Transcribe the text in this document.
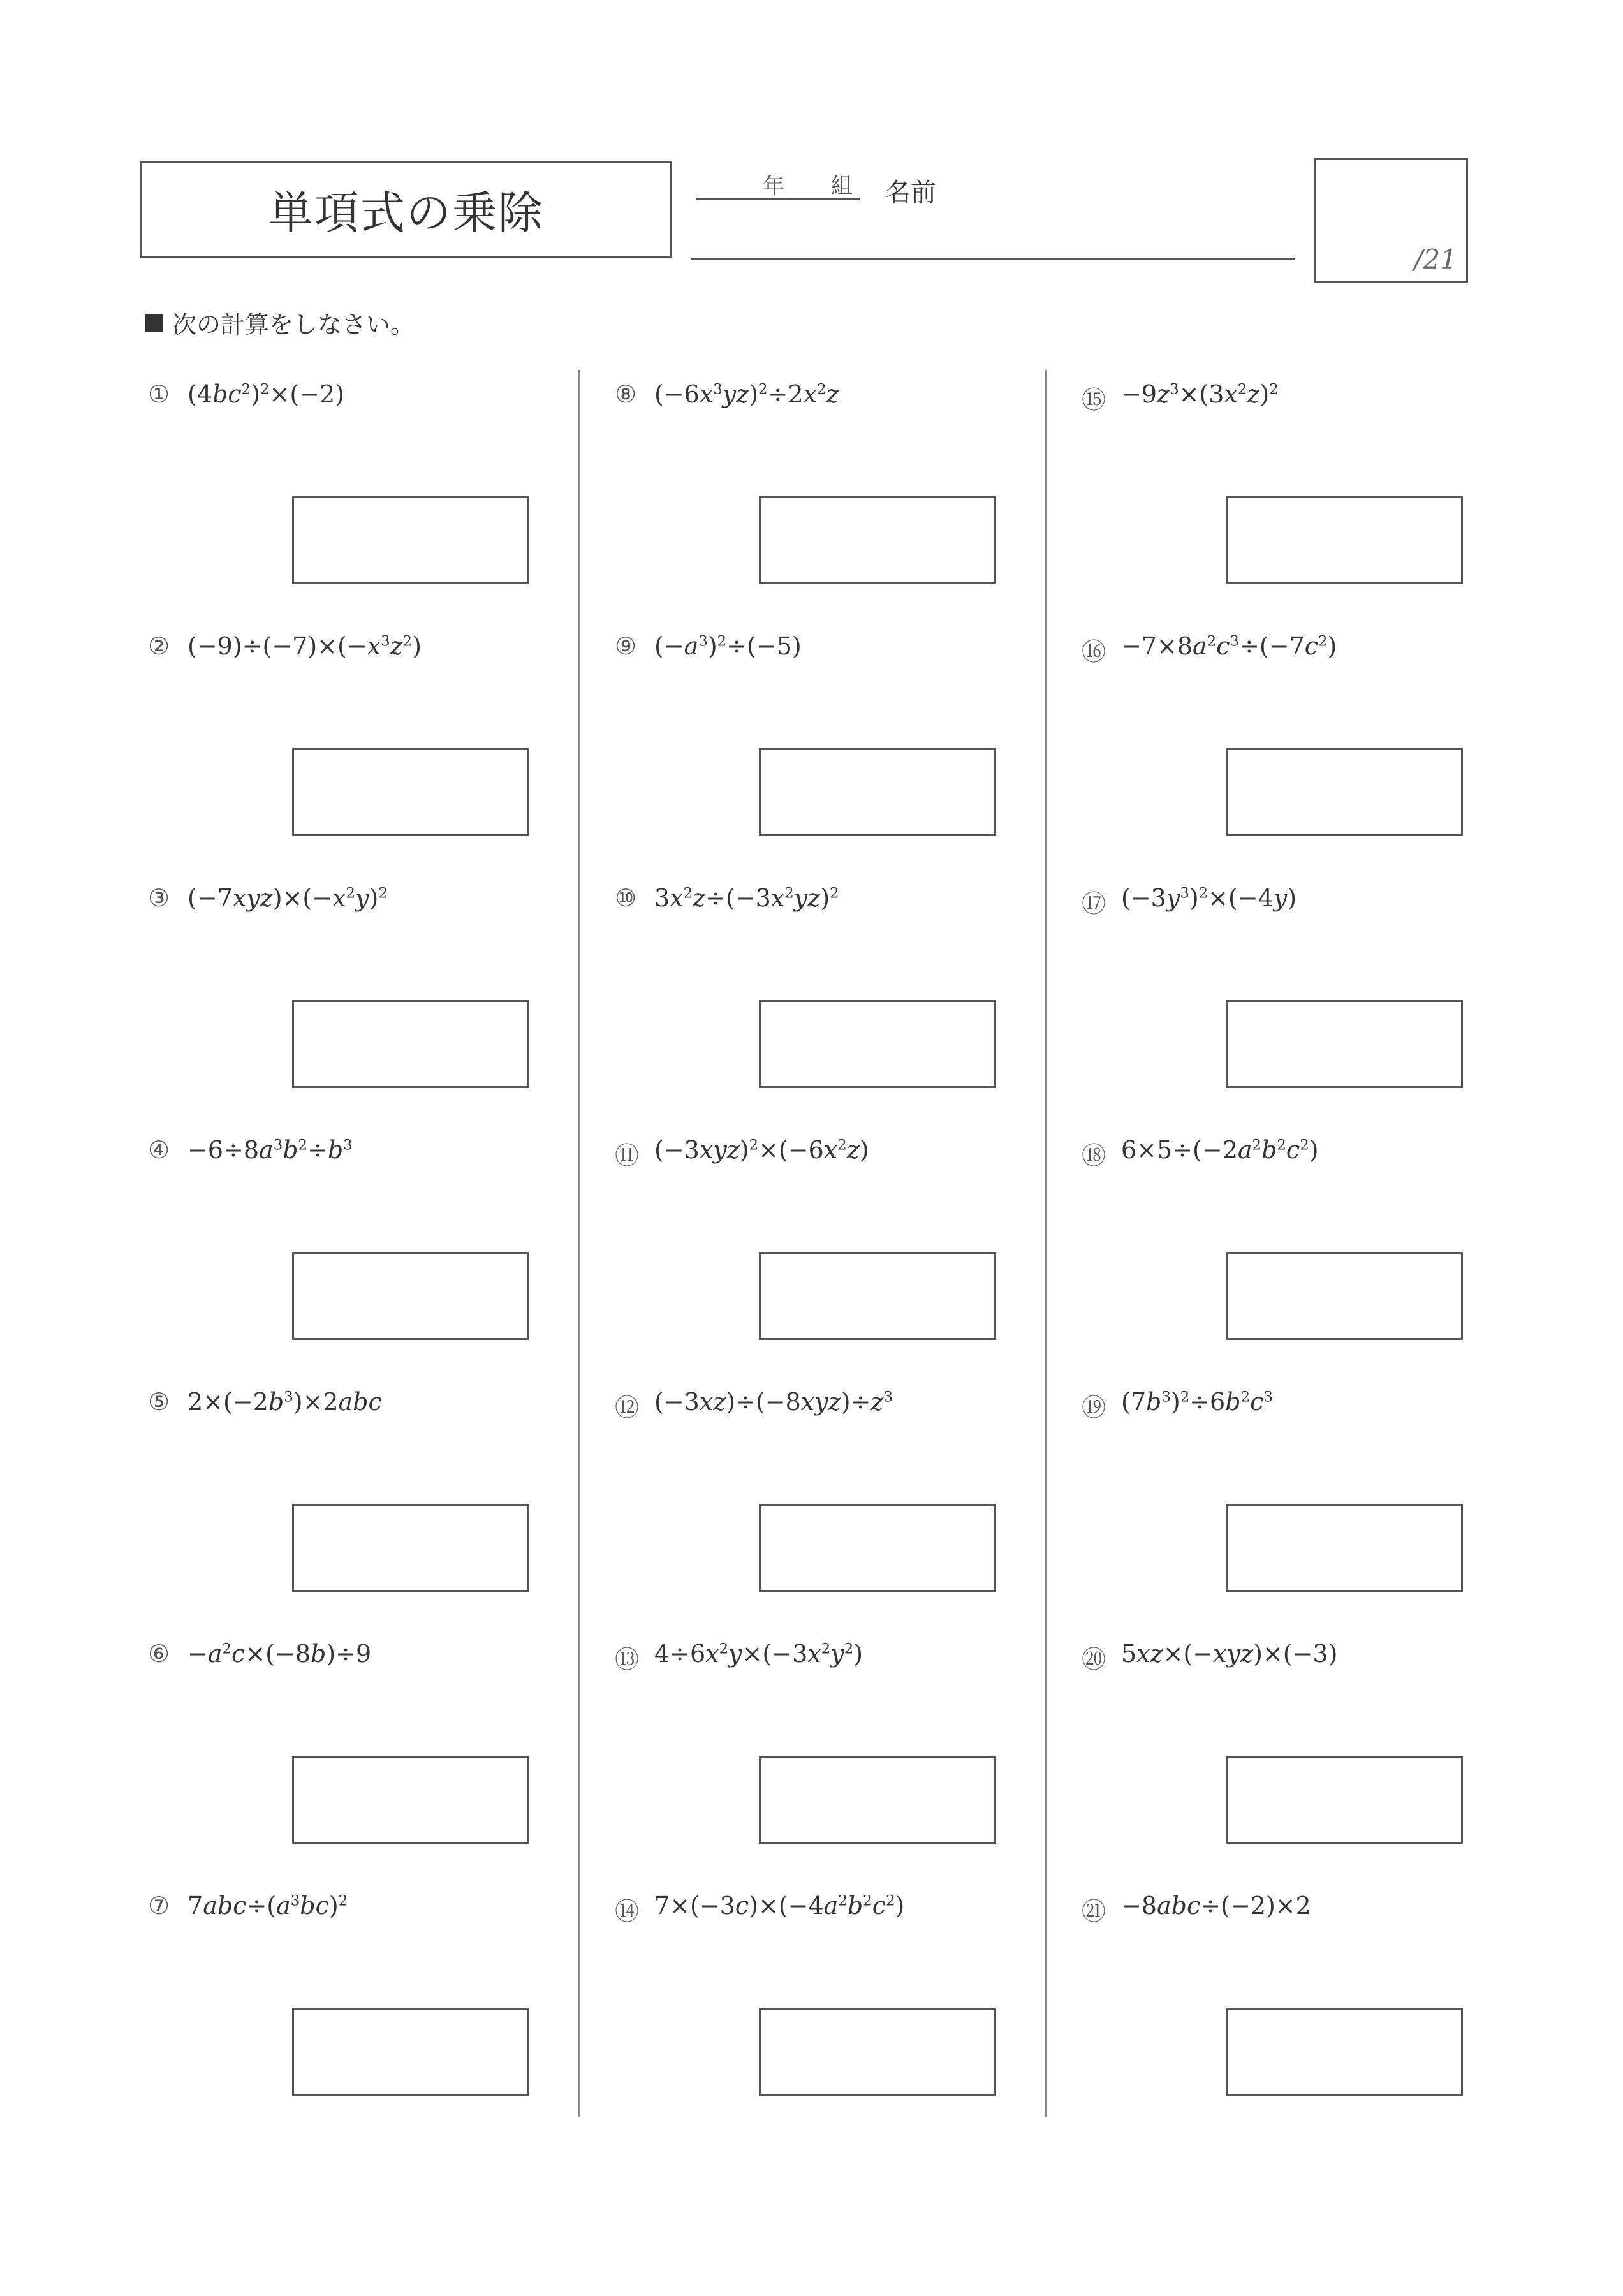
単項式の乗除
年 組 名前
/21
次の計算をしなさい。
① $(4bc^2)^2\times(-2)$
② $(-9)\div(-7)\times(-x^3z^2)$
③ $(-7xyz)\times(-x^2y)^2$
④ $-6\div 8a^3b^2\div b^3$
⑤ $2\times(-2b^3)\times 2abc$
⑥ $-a^2c\times(-8b)\div 9$
⑦ $7abc\div(a^3bc)^2$
⑧ $(-6x^3yz)^2\div 2x^2z$
⑨ $(-a^3)^2\div(-5)$
⑩ $3x^2z\div(-3x^2yz)^2$
⑪ $(-3xyz)^2\times(-6x^2z)$
⑫ $(-3xz)\div(-8xyz)\div z^3$
⑬ $4\div 6x^2y\times(-3x^2y^2)$
⑭ $7\times(-3c)\times(-4a^2b^2c^2)$
⑮ $-9z^3\times(3x^2z)^2$
⑯ $-7\times 8a^2c^3\div(-7c^2)$
⑰ $(-3y^3)^2\times(-4y)$
⑱ $6\times 5\div(-2a^2b^2c^2)$
⑲ $(7b^3)^2\div 6b^2c^3$
⑳ 5xz×(−xyz)×(−3)
㉑ −8abc÷(−2)×2
